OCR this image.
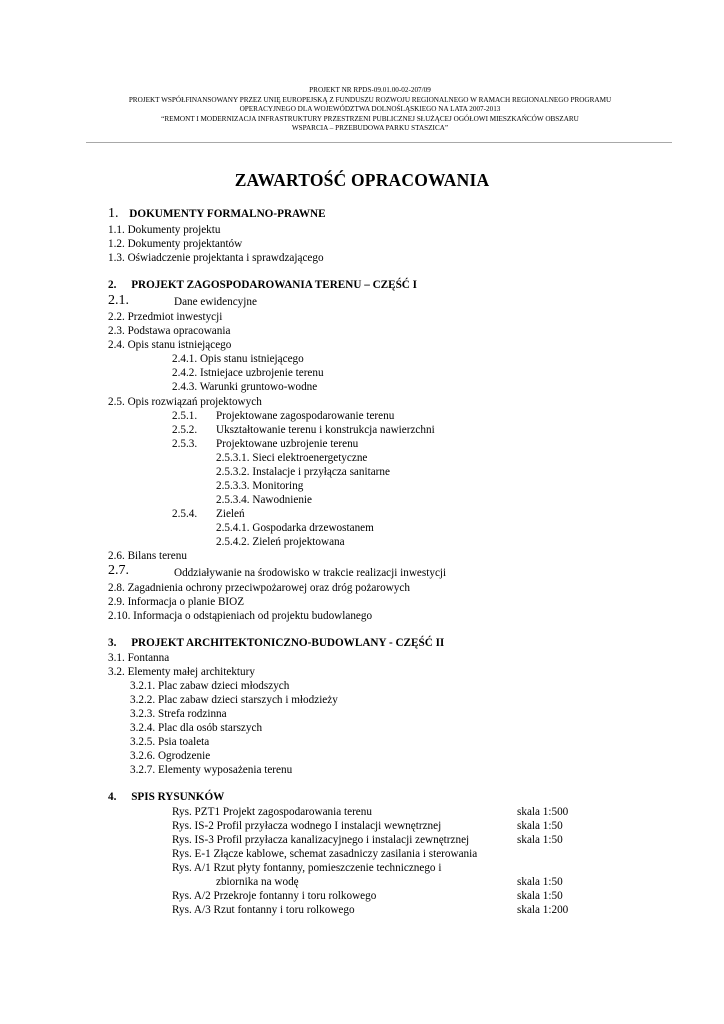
PROJEKT NR RPDS-09.01.00-02-207/09
PROJEKT WSPÓŁFINANSOWANY PRZEZ UNIĘ EUROPEJSKĄ Z FUNDUSZU ROZWOJU REGIONALNEGO W RAMACH REGIONALNEGO PROGRAMU
OPERACYJNEGO DLA WOJEWÓDZTWA DOLNOŚLĄSKIEGO NA LATA 2007-2013
“REMONT I MODERNIZACJA INFRASTRUKTURY PRZESTRZENI PUBLICZNEJ SŁUŻĄCEJ OGÓŁOWI MIESZKAŃCÓW OBSZARU
WSPARCIA – PRZEBUDOWA PARKU STASZICA”
ZAWARTOŚĆ OPRACOWANIA
1. DOKUMENTY FORMALNO-PRAWNE
1.1. Dokumenty projektu
1.2. Dokumenty projektantów
1.3. Oświadczenie projektanta i sprawdzającego
2. PROJEKT ZAGOSPODAROWANIA TERENU – CZĘŚĆ I
2.1.	Dane ewidencyjne
2.2. Przedmiot inwestycji
2.3. Podstawa opracowania
2.4. Opis stanu istniejącego
2.4.1. Opis stanu istniejącego
2.4.2. Istniejace uzbrojenie terenu
2.4.3. Warunki gruntowo-wodne
2.5. Opis rozwiązań projektowych
2.5.1. Projektowane zagospodarowanie terenu
2.5.2. Ukształtowanie terenu i konstrukcja nawierzchni
2.5.3. Projektowane uzbrojenie terenu
2.5.3.1. Sieci elektroenergetyczne
2.5.3.2. Instalacje i przyłącza sanitarne
2.5.3.3. Monitoring
2.5.3.4. Nawodnienie
2.5.4. Zieleń
2.5.4.1. Gospodarka drzewostanem
2.5.4.2. Zieleń projektowana
2.6. Bilans terenu
2.7.	Oddziaływanie na środowisko w trakcie realizacji inwestycji
2.8. Zagadnienia ochrony przeciwpożarowej oraz dróg pożarowych
2.9. Informacja o planie BIOZ
2.10. Informacja o odstąpieniach od projektu budowlanego
3. PROJEKT ARCHITEKTONICZNO-BUDOWLANY - CZĘŚĆ II
3.1. Fontanna
3.2. Elementy małej architektury
3.2.1. Plac zabaw dzieci młodszych
3.2.2. Plac zabaw dzieci starszych i młodzieży
3.2.3. Strefa rodzinna
3.2.4. Plac dla osób starszych
3.2.5. Psia toaleta
3.2.6. Ogrodzenie
3.2.7. Elementy wyposażenia terenu
4. SPIS RYSUNKÓW
Rys. PZT1 Projekt zagospodarowania terenu	skala 1:500
Rys. IS-2 Profil przyłacza wodnego I instalacji wewnętrznej	skala 1:50
Rys. IS-3 Profil przyłacza kanalizacyjnego i instalacji zewnętrznej	skala 1:50
Rys. E-1 Złącze kablowe, schemat zasadniczy zasilania i sterowania
Rys. A/1 Rzut płyty fontanny, pomieszczenie technicznego i
zbiornika na wodę	skala 1:50
Rys. A/2 Przekroje fontanny i toru rolkowego	skala 1:50
Rys. A/3 Rzut fontanny i toru rolkowego	skala 1:200
